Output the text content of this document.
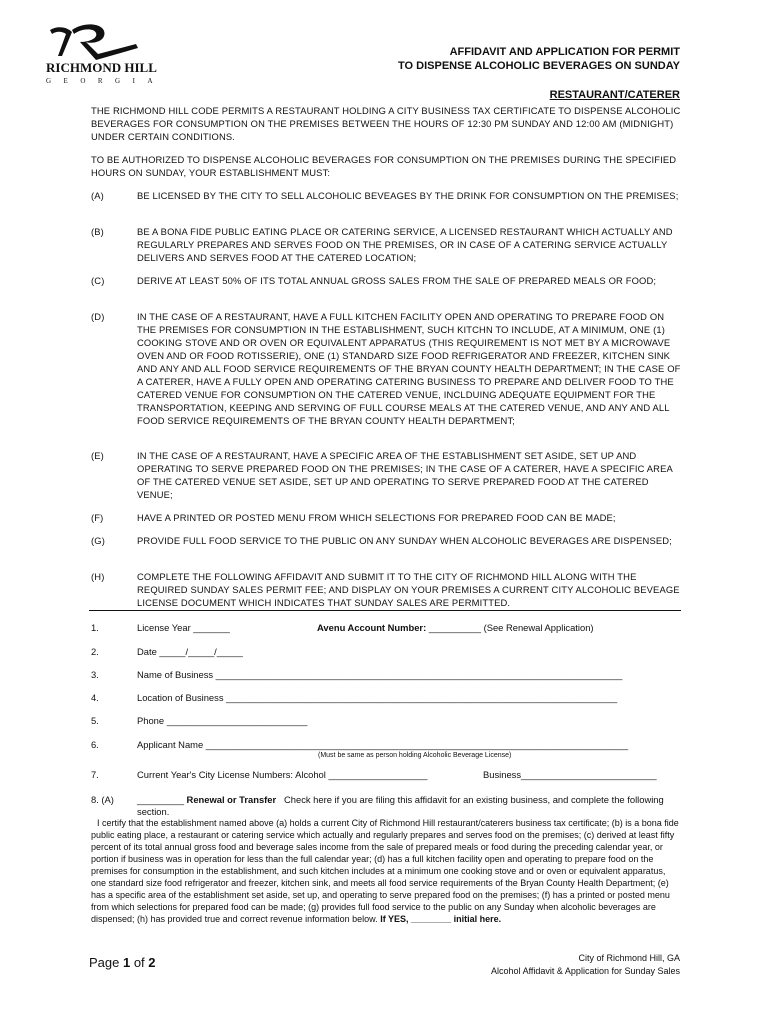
RICHMOND HILL
GEORGIA
AFFIDAVIT AND APPLICATION FOR PERMIT
TO DISPENSE ALCOHOLIC BEVERAGES ON SUNDAY
RESTAURANT/CATERER
THE RICHMOND HILL CODE PERMITS A RESTAURANT HOLDING A CITY BUSINESS TAX CERTIFICATE TO DISPENSE ALCOHOLIC BEVERAGES FOR CONSUMPTION ON THE PREMISES BETWEEN THE HOURS OF 12:30 PM SUNDAY AND 12:00 AM (MIDNIGHT) UNDER CERTAIN CONDITIONS.
TO BE AUTHORIZED TO DISPENSE ALCOHOLIC BEVERAGES FOR CONSUMPTION ON THE PREMISES DURING THE SPECIFIED HOURS ON SUNDAY, YOUR ESTABLISHMENT MUST:
(A)	BE LICENSED BY THE CITY TO SELL ALCOHOLIC BEVEAGES BY THE DRINK FOR CONSUMPTION ON THE PREMISES;
(B)	BE A BONA FIDE PUBLIC EATING PLACE OR CATERING SERVICE, A LICENSED RESTAURANT WHICH ACTUALLY AND REGULARLY PREPARES AND SERVES FOOD ON THE PREMISES, OR IN CASE OF A CATERING SERVICE ACTUALLY DELIVERS AND SERVES FOOD AT THE CATERED LOCATION;
(C)	DERIVE AT LEAST 50% OF ITS TOTAL ANNUAL GROSS SALES FROM THE SALE OF PREPARED MEALS OR FOOD;
(D)	IN THE CASE OF A RESTAURANT, HAVE A FULL KITCHEN FACILITY OPEN AND OPERATING TO PREPARE FOOD ON THE PREMISES FOR CONSUMPTION IN THE ESTABLISHMENT, SUCH KITCHN TO INCLUDE, AT A MINIMUM, ONE (1) COOKING STOVE AND OR OVEN OR EQUIVALENT APPARATUS (THIS REQUIREMENT IS NOT MET BY A MICROWAVE OVEN AND OR FOOD ROTISSERIE), ONE (1) STANDARD SIZE FOOD REFRIGERATOR AND FREEZER, KITCHEN SINK AND ANY AND ALL FOOD SERVICE REQUIREMENTS OF THE BRYAN COUNTY HEALTH DEPARTMENT; IN THE CASE OF A CATERER, HAVE A FULLY OPEN AND OPERATING CATERING BUSINESS TO PREPARE AND DELIVER FOOD TO THE CATERED VENUE FOR CONSUMPTION ON THE CATERED VENUE, INCLDUING ADEQUATE EQUIPMENT FOR THE TRANSPORTATION, KEEPING AND SERVING OF FULL COURSE MEALS AT THE CATERED VENUE, AND ANY AND ALL FOOD SERVICE REQUIREMENTS OF THE BRYAN COUNTY HEALTH DEPARTMENT;
(E)	IN THE CASE OF A RESTAURANT, HAVE A SPECIFIC AREA OF THE ESTABLISHMENT SET ASIDE, SET UP AND OPERATING TO SERVE PREPARED FOOD ON THE PREMISES; IN THE CASE OF A CATERER, HAVE A SPECIFIC AREA OF THE CATERED VENUE SET ASIDE, SET UP AND OPERATING TO SERVE PREPARED FOOD AT THE CATERED VENUE;
(F)	HAVE A PRINTED OR POSTED MENU FROM WHICH SELECTIONS FOR PREPARED FOOD CAN BE MADE;
(G)	PROVIDE FULL FOOD SERVICE TO THE PUBLIC ON ANY SUNDAY WHEN ALCOHOLIC BEVERAGES ARE DISPENSED;
(H)	COMPLETE THE FOLLOWING AFFIDAVIT AND SUBMIT IT TO THE CITY OF RICHMOND HILL ALONG WITH THE REQUIRED SUNDAY SALES PERMIT FEE; AND DISPLAY ON YOUR PREMISES A CURRENT CITY ALCOHOLIC BEVEAGE LICENSE DOCUMENT WHICH INDICATES THAT SUNDAY SALES ARE PERMITTED.
1.	License Year _______	Avenu Account Number: __________ (See Renewal Application)
2.	Date _____/_____/_____
3.	Name of Business ______________________________________________________________________________
4.	Location of Business ___________________________________________________________________________
5.	Phone ___________________________
6.	Applicant Name _________________________________________________________________________________
(Must be same as person holding Alcoholic Beverage License)
7.	Current Year's City License Numbers: Alcohol ___________________	Business__________________________
8. (A) _________ Renewal or Transfer Check here if you are filing this affidavit for an existing business, and complete the following section.
I certify that the establishment named above (a) holds a current City of Richmond Hill restaurant/caterers business tax certificate; (b) is a bona fide public eating place, a restaurant or catering service which actually and regularly prepares and serves food on the premises; (c) derived at least fifty percent of its total annual gross food and beverage sales income from the sale of prepared meals or food during the preceding calendar year, or portion if business was in operation for less than the full calendar year; (d) has a full kitchen facility open and operating to prepare food on the premises for consumption in the establishment, and such kitchen includes at a minimum one cooking stove and or oven or equivalent apparatus, one standard size food refrigerator and freezer, kitchen sink, and meets all food service requirements of the Bryan County Health Department; (e) has a specific area of the establishment set aside, set up, and operating to serve prepared food on the premises; (f) has a printed or posted menu from which selections for prepared food can be made; (g) provides full food service to the public on any Sunday when alcoholic beverages are dispensed; (h) has provided true and correct revenue information below. If YES, ________ initial here.
Page 1 of 2	City of Richmond Hill, GA
Alcohol Affidavit & Application for Sunday Sales
